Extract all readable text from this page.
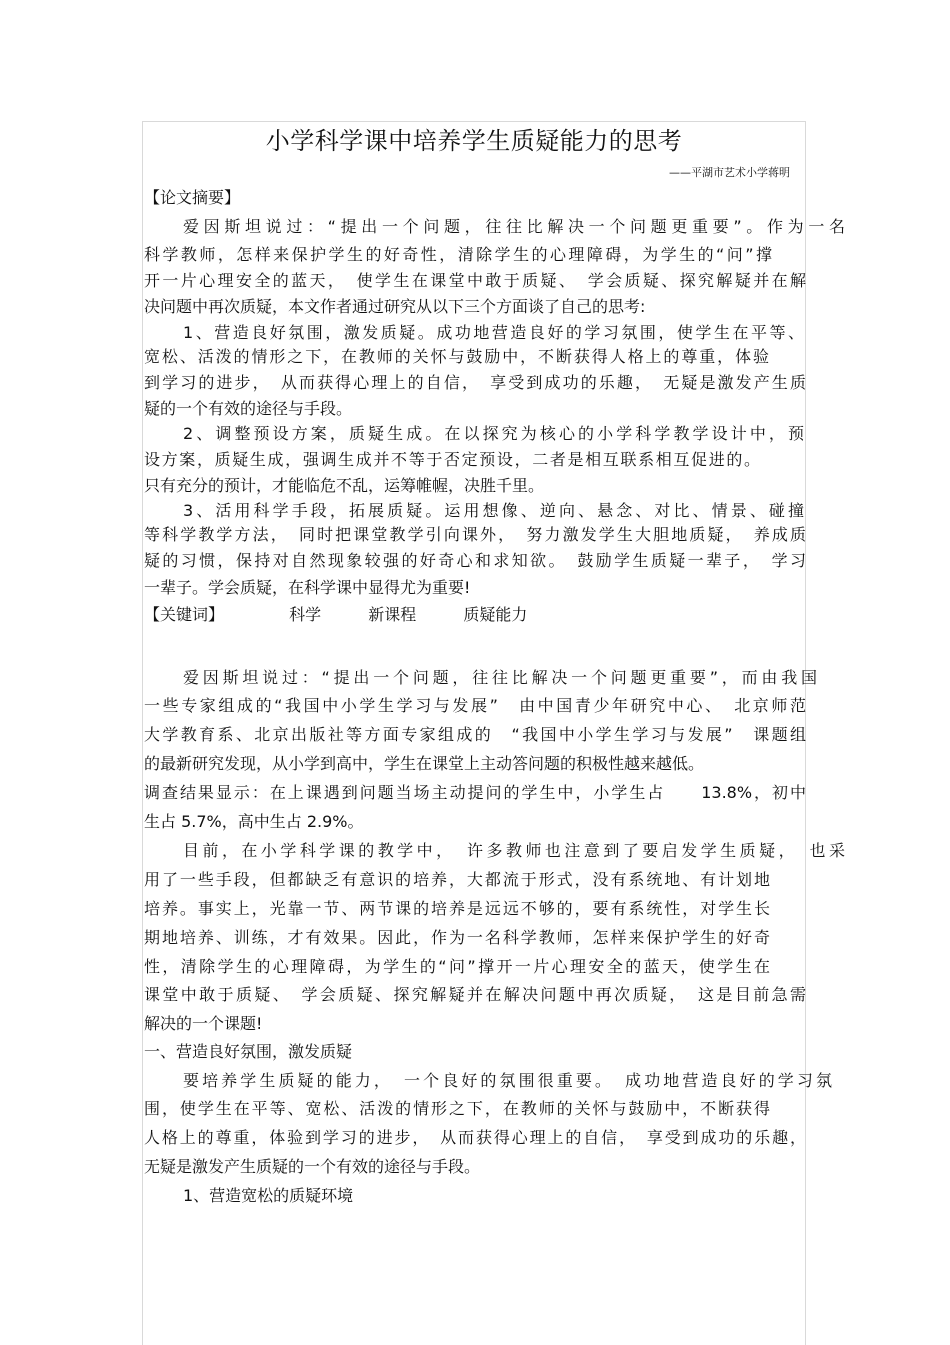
小学科学课中培养学生质疑能力的思考
——平湖市艺术小学蒋明
【论文摘要】
爱因斯坦说过：“提出一个问题，往往比解决一个问题更重要”。作为一名
科学教师，怎样来保护学生的好奇性，清除学生的心理障碍，为学生的“问”撑
开一片心理安全的蓝天，　使学生在课堂中敢于质疑、　学会质疑、探究解疑并在解
决问题中再次质疑，本文作者通过研究从以下三个方面谈了自己的思考:
1、营造良好氛围，激发质疑。成功地营造良好的学习氛围，使学生在平等、
宽松、活泼的情形之下，在教师的关怀与鼓励中，不断获得人格上的尊重，体验
到学习的进步，　从而获得心理上的自信，　享受到成功的乐趣，　无疑是激发产生质
疑的一个有效的途径与手段。
2、调整预设方案，质疑生成。在以探究为核心的小学科学教学设计中，预
设方案，质疑生成，强调生成并不等于否定预设，二者是相互联系相互促进的。
只有充分的预计，才能临危不乱，运筹帷幄，决胜千里。
3、活用科学手段，拓展质疑。运用想像、逆向、悬念、对比、情景、碰撞
等科学教学方法，　同时把课堂教学引向课外，　努力激发学生大胆地质疑，　养成质
疑的习惯，保持对自然现象较强的好奇心和求知欲。　鼓励学生质疑一辈子，　学习
一辈子。学会质疑，在科学课中显得尤为重要!
【关键词】	科学	新课程	质疑能力
爱因斯坦说过：“提出一个问题，往往比解决一个问题更重要”，而由我国
一些专家组成的“我国中小学生学习与发展”　由中国青少年研究中心、　北京师范
大学教育系、北京出版社等方面专家组成的　“我国中小学生学习与发展”　课题组
的最新研究发现，从小学到高中，学生在课堂上主动答问题的积极性越来越低。
调查结果显示：在上课遇到问题当场主动提问的学生中，小学生占　　13.8%，初中
生占 5.7%，高中生占 2.9%。
目前，在小学科学课的教学中，　许多教师也注意到了要启发学生质疑，　也采
用了一些手段，但都缺乏有意识的培养，大都流于形式，没有系统地、有计划地
培养。事实上，光靠一节、两节课的培养是远远不够的，要有系统性，对学生长
期地培养、训练，才有效果。因此，作为一名科学教师，怎样来保护学生的好奇
性，清除学生的心理障碍，为学生的“问”撑开一片心理安全的蓝天，使学生在
课堂中敢于质疑、　学会质疑、探究解疑并在解决问题中再次质疑，　这是目前急需
解决的一个课题!
一、营造良好氛围，激发质疑
要培养学生质疑的能力，　一个良好的氛围很重要。　成功地营造良好的学习氛
围，使学生在平等、宽松、活泼的情形之下，在教师的关怀与鼓励中，不断获得
人格上的尊重，体验到学习的进步，　从而获得心理上的自信，　享受到成功的乐趣，
无疑是激发产生质疑的一个有效的途径与手段。
1、营造宽松的质疑环境
